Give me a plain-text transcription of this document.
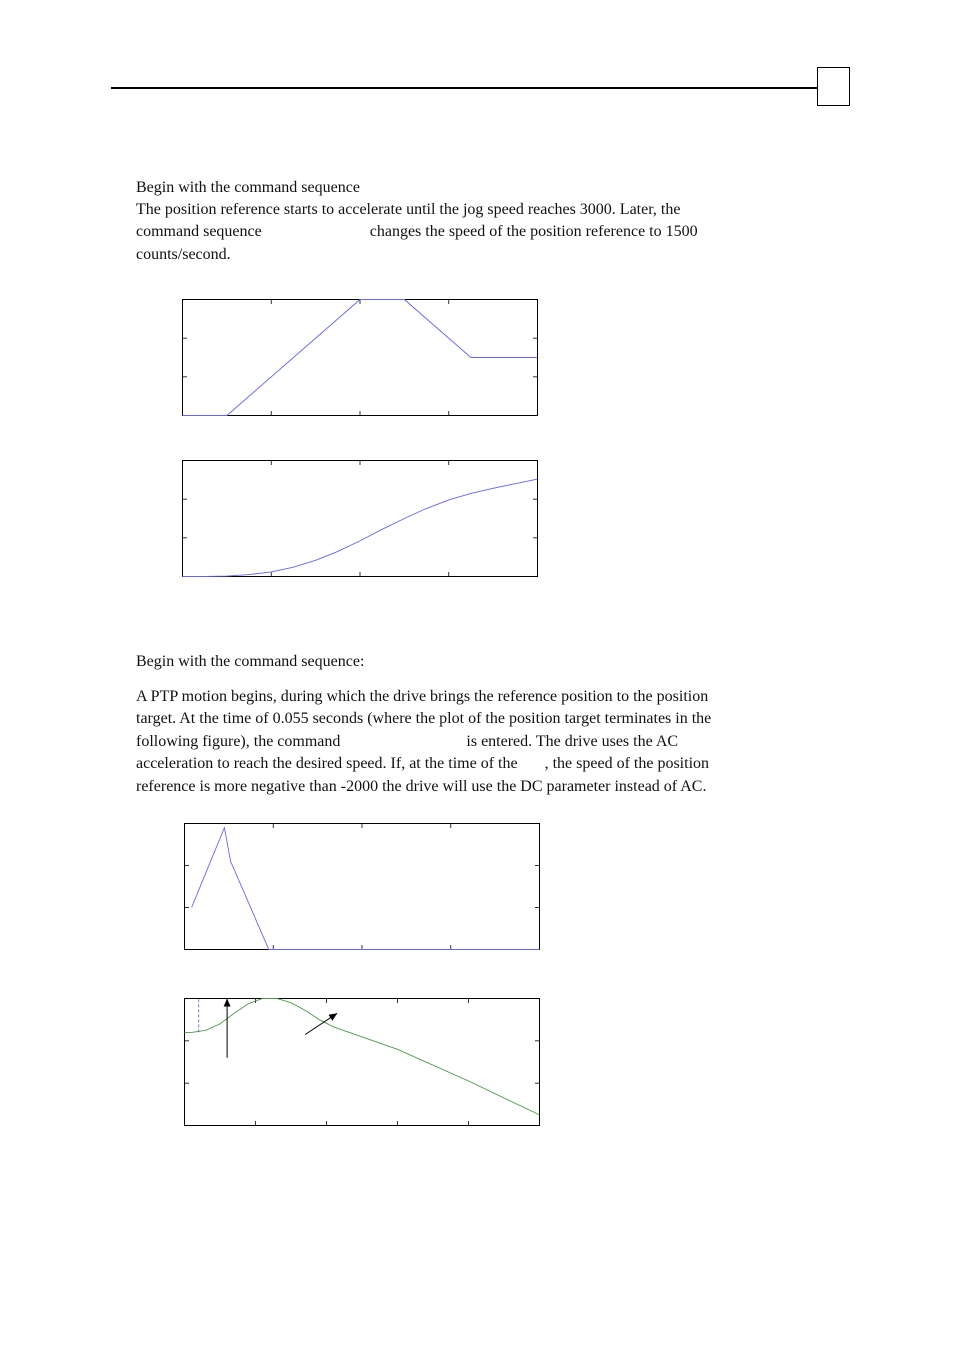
Begin with the command sequence

The position reference starts to accelerate until the jog speed reaches 3000. Later, the
command sequence	changes the speed of the position reference to 1500
counts/second.

Begin with the command sequence:

A PTP motion begins, during which the drive brings the reference position to the position
target. At the time of 0.055 seconds (where the plot of the position target terminates in the
following figure), the command	is entered. The drive uses the AC
acceleration to reach the desired speed. If, at the time of the , the speed of the position
reference is more negative than -2000 the drive will use the DC parameter instead of AC.
